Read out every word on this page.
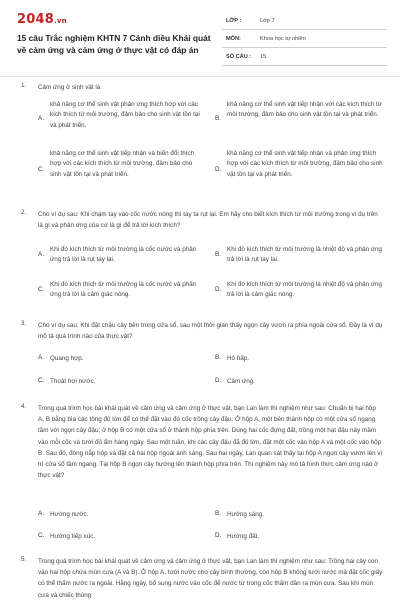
2048.vn
15 câu Trắc nghiệm KHTN 7 Cánh diều Khái quát về cảm ứng và cảm ứng ở thực vật có đáp án
LỚP :	Lớp 7
MÔN:	Khoa học tự nhiên
SỐ CÂU :	15
1. Cảm ứng ở sinh vật là
A.
khả năng cơ thể sinh vật phản ứng thích hợp với các kích thích từ môi trường, đảm bảo cho sinh vật tồn tại và phát triển.
B.
khả năng cơ thể sinh vật tiếp nhận với các kích thích từ môi trường, đảm bảo cho sinh vật tồn tại và phát triển.
C.
khả năng cơ thể sinh vật tiếp nhận và biến đổi thích hợp với các kích thích từ môi trường, đảm bảo cho sinh vật tồn tại và phát triển.
D.
khả năng cơ thể sinh vật tiếp nhận và phản ứng thích hợp với các kích thích từ môi trường, đảm bảo cho sinh vật tồn tại và phát triển.
2. Cho ví dụ sau: Khi chạm tay vào cốc nước nóng thì tay ta rụt lại. Em hãy cho biết kích thích từ môi trường trong ví dụ trên là gì và phản ứng của cơ là gì để trả lời kích thích?
A.
Khi đó kích thích từ môi trường là cốc nước và phản ứng trả lời là rụt tay lại.
B.
Khi đó kích thích từ môi trường là nhiệt độ và phản ứng trả lời là rụt tay lại.
C.
Khi đó kích thích từ môi trường là cốc nước và phản ứng trả lời là cảm giác nóng.
D.
Khi đó kích thích từ môi trường là nhiệt độ và phản ứng trả lời là cảm giác nóng.
3. Cho ví dụ sau: Khi đặt chậu cây bên trong cửa sổ, sau một thời gian thấy ngọn cây vươn ra phía ngoài cửa sổ. Đây là ví dụ mô tả quá trình nào của thực vật?
A. Quang hợp.	B. Hô hấp.
C. Thoát hơi nước.	D. Cảm ứng.
4. Trong quá trình học bài khái quát về cảm ứng và cảm ứng ở thực vật, bạn Lan làm thí nghiệm như sau: Chuẩn bị hai hộp A, B bằng bìa các tông đủ lớn để có thể đặt vào đó cốc trồng cây đậu. Ở hộp A, một bên thành hộp có một cửa sổ ngang tầm với ngọn cây đậu; ở hộp B có một cửa sổ ở thành hộp phía trên. Dùng hai cốc đựng đất, trồng một hạt đậu nảy mầm vào mỗi cốc và tưới đủ ẩm hàng ngày. Sau một tuần, khi các cây đậu đã đủ lớn, đặt một cốc vào hộp A và một cốc vào hộp B. Sau đó, đóng nắp hộp và đặt cả hai hộp ngoài ánh sáng. Sau hai ngày, Lan quan sát thấy tại hộp A ngọn cây vươn lên vị trí cửa sổ tầm ngang. Tại hộp B ngọn cây hướng lên thành hộp phía trên. Thí nghiệm này mô tả hình thức cảm ứng nào ở thực vật?
A. Hướng nước.	B. Hướng sáng.
C. Hướng tiếp xúc.	D. Hướng đất.
5. Trong quá trình học bài khái quát về cảm ứng và cảm ứng ở thực vật, bạn Lan làm thí nghiệm như sau: Trồng hai cây con vào hai hộp chứa mùn cưa (A và B). Ở hộp A, tưới nước cho cây bình thường, còn hộp B không tưới nước mà đặt cốc giấy có thể thấm nước ra ngoài. Hằng ngày, bổ sung nước vào cốc để nước từ trong cốc thấm dần ra mùn cưa. Sau khi mùn cưa và chiếc thùng
